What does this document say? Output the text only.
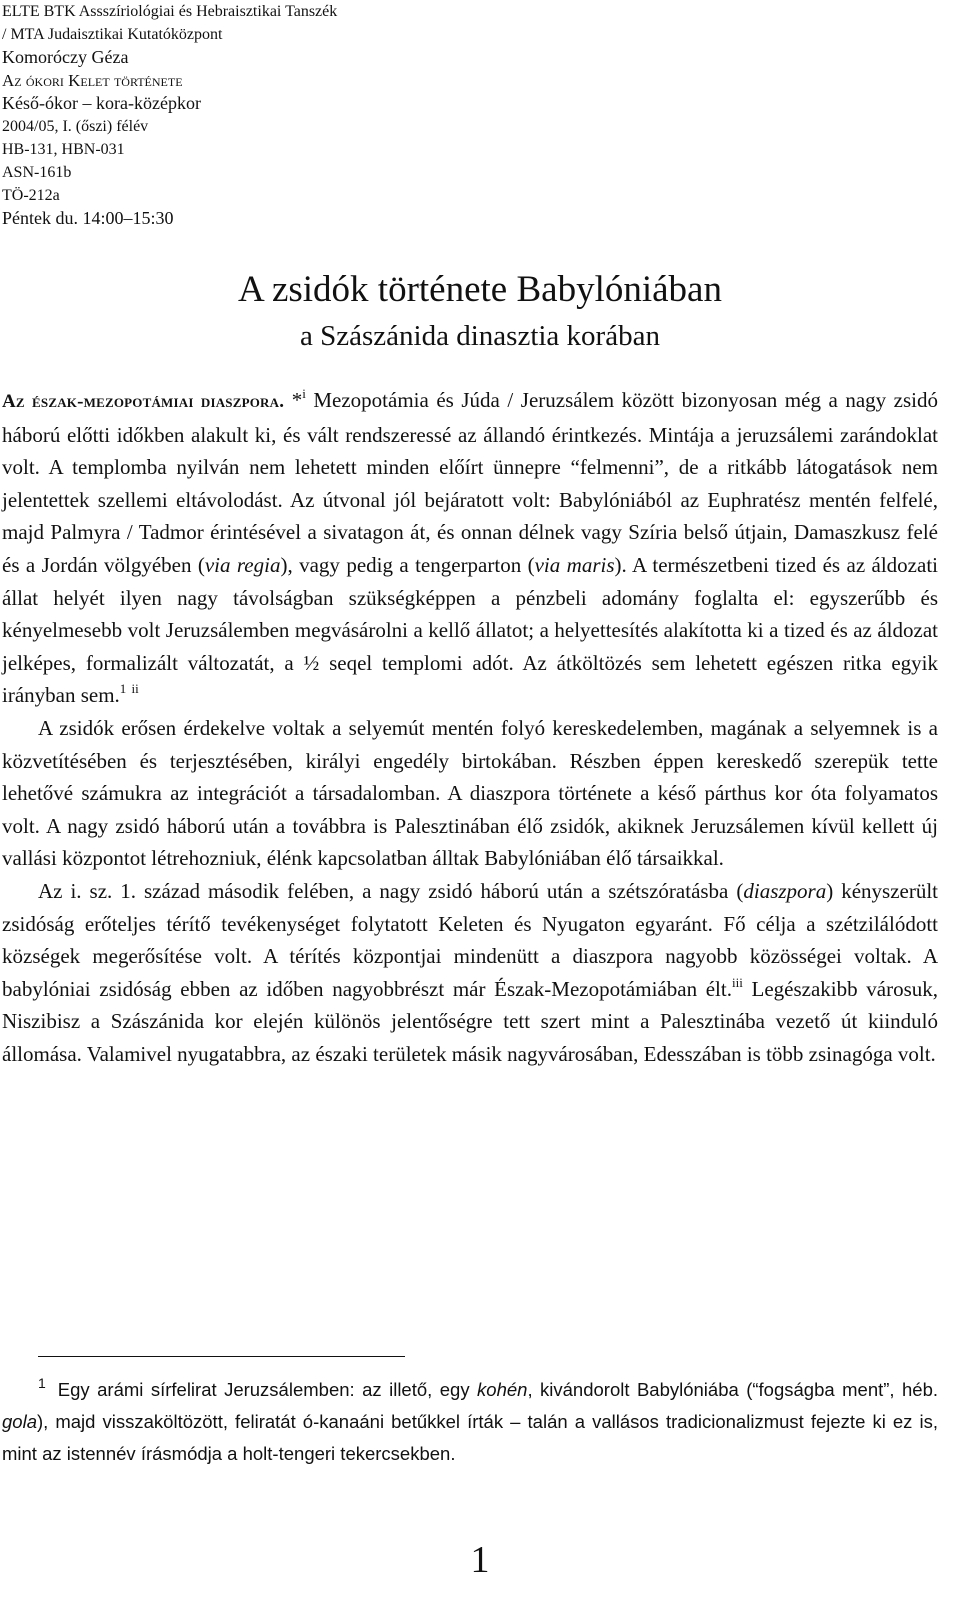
ELTE BTK Assszíriológiai és Hebraisztikai Tanszék
/ MTA Judaisztikai Kutatóközpont
Komoróczy Géza
Az ókori Kelet története
Késő-ókor – kora-középkor
2004/05, I. (őszi) félév
HB-131, HBN-031
ASN-161b
TÖ-212a
Péntek du. 14:00–15:30
A zsidók története Babylóniában
a Szászánida dinasztia korában

Az észak-mezopotámiai diaszpora. *$^i$ Mezopotámia és Júda / Jeruzsálem között bizonyosan még a nagy zsidó háború előtti időkben alakult ki, és vált rendszeressé az állandó érintkezés. Mintája a jeruzsálemi zarándoklat volt. A templomba nyilván nem lehetett minden előírt ünnepre “felmenni”, de a ritkább látogatások nem jelentettek szellemi eltávolodást. Az útvonal jól bejáratott volt: Babylóniából az Euphratész mentén felfelé, majd Palmyra / Tadmor érintésével a sivatagon át, és onnan délnek vagy Szíria belső útjain, Damaszkusz felé és a Jordán völgyében (via regia), vagy pedig a tengerparton (via maris). A természetbeni tized és az áldozati állat helyét ilyen nagy távolságban szükségképpen a pénzbeli adomány foglalta el: egyszerűbb és kényelmesebb volt Jeruzsálemben megvásárolni a kellő állatot; a helyettesítés alakította ki a tized és az áldozat jelképes, formalizált változatát, a ½ seqel templomi adót. Az átköltözés sem lehetett egészen ritka egyik irányban sem.$^1$ $^{ii}$

A zsidók erősen érdekelve voltak a selyemút mentén folyó kereskedelemben, magának a selyemnek is a közvetítésében és terjesztésében, királyi engedély birtokában. Részben éppen kereskedő szerepük tette lehetővé számukra az integrációt a társadalomban. A diaszpora története a késő párthus kor óta folyamatos volt. A nagy zsidó háború után a továbbra is Palesztinában élő zsidók, akiknek Jeruzsálemen kívül kellett új vallási központot létrehozniuk, élénk kapcsolatban álltak Babylóniában élő társaikkal.

Az i. sz. 1. század második felében, a nagy zsidó háború után a szétszóratásba (diaszpora) kényszerült zsidóság erőteljes térítő tevékenységet folytatott Keleten és Nyugaton egyaránt. Fő célja a szétzilálódott községek megerősítése volt. A térítés központjai mindenütt a diaszpora nagyobb közösségei voltak. A babylóniai zsidóság ebben az időben nagyobbrészt már Észak-Mezopotámiában élt.$^{iii}$ Legészakibb városuk, Niszibisz a Szászánida kor elején különös jelentőségre tett szert mint a Palesztinába vezető út kiinduló állomása. Valamivel nyugatabbra, az északi területek másik nagyvárosában, Edesszában is több zsinagóga volt.

$^1$ Egy arámi sírfelirat Jeruzsálemben: az illető, egy kohén, kivándorolt Babylóniába (“fogságba ment”, héb. gola), majd visszaköltözött, feliratát ó-kanaáni betűkkel írták – talán a vallásos tradicionalizmust fejezte ki ez is, mint az istennév írásmódja a holt-tengeri tekercsekben.

1
